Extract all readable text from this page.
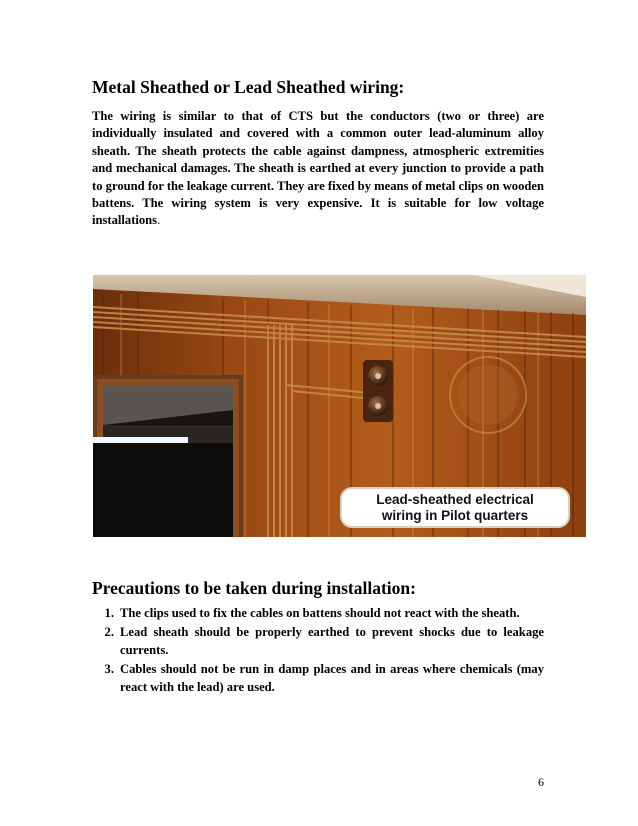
Metal Sheathed or Lead Sheathed wiring:

The wiring is similar to that of CTS but the conductors (two or three) are individually insulated and covered with a common outer lead-aluminum alloy sheath. The sheath protects the cable against dampness, atmospheric extremities and mechanical damages. The sheath is earthed at every junction to provide a path to ground for the leakage current. They are fixed by means of metal clips on wooden battens. The wiring system is very expensive. It is suitable for low voltage installations.

Lead-sheathed electrical
wiring in Pilot quarters
Precautions to be taken during installation:
1. The clips used to fix the cables on battens should not react with the sheath.
2. Lead sheath should be properly earthed to prevent shocks due to leakage currents.
3. Cables should not be run in damp places and in areas where chemicals (may react with the lead) are used.
6
